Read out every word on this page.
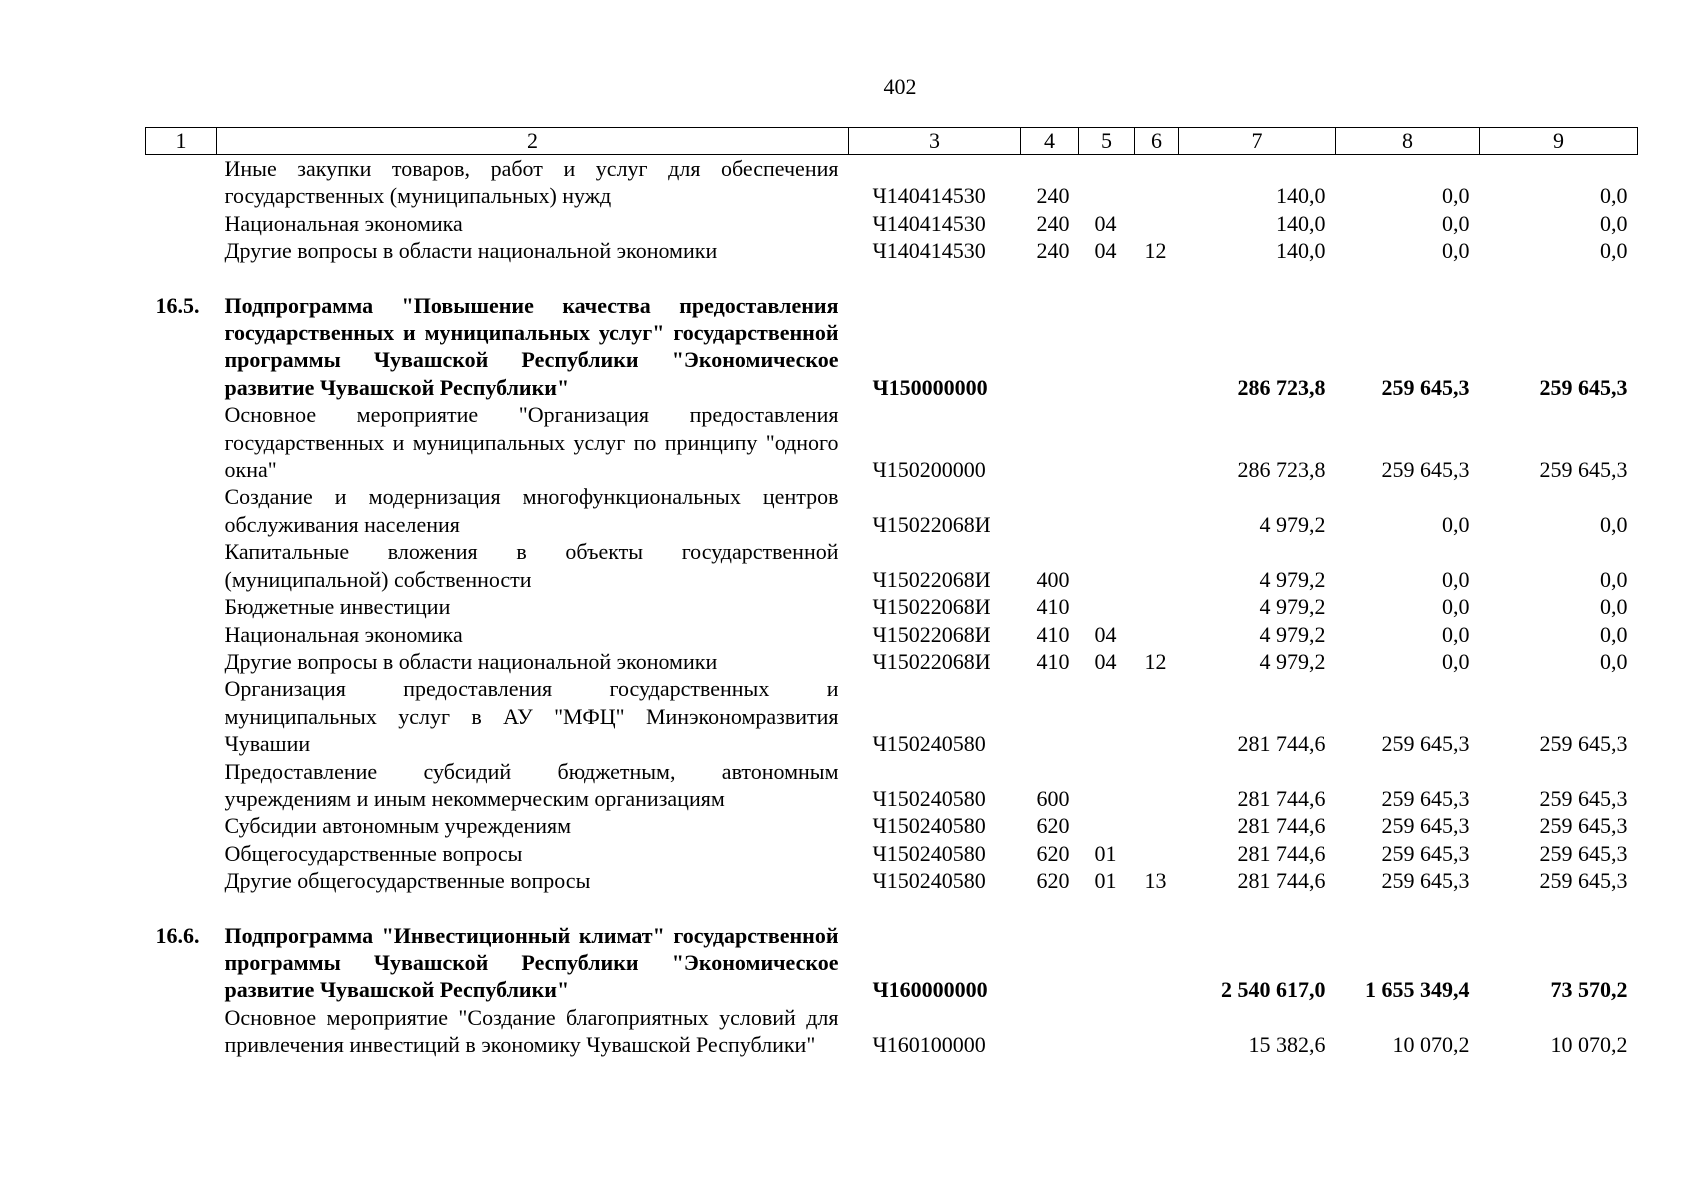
402
1	2	3	4	5	6	7	8	9
	Иные закупки товаров, работ и услуг для обеспечения государственных (муниципальных) нужд	Ч140414530	240			140,0	0,0	0,0
	Национальная экономика	Ч140414530	240	04		140,0	0,0	0,0
	Другие вопросы в области национальной экономики	Ч140414530	240	04	12	140,0	0,0	0,0

16.5.	Подпрограмма "Повышение качества предоставления государственных и муниципальных услуг" государственной программы Чувашской Республики "Экономическое развитие Чувашской Республики"	Ч150000000				286 723,8	259 645,3	259 645,3
	Основное мероприятие "Организация предоставления государственных и муниципальных услуг по принципу "одного окна"	Ч150200000				286 723,8	259 645,3	259 645,3
	Создание и модернизация многофункциональных центров обслуживания населения	Ч15022068И				4 979,2	0,0	0,0
	Капитальные вложения в объекты государственной (муниципальной) собственности	Ч15022068И	400			4 979,2	0,0	0,0
	Бюджетные инвестиции	Ч15022068И	410			4 979,2	0,0	0,0
	Национальная экономика	Ч15022068И	410	04		4 979,2	0,0	0,0
	Другие вопросы в области национальной экономики	Ч15022068И	410	04	12	4 979,2	0,0	0,0
	Организация предоставления государственных и муниципальных услуг в АУ "МФЦ" Минэкономразвития Чувашии	Ч150240580				281 744,6	259 645,3	259 645,3
	Предоставление субсидий бюджетным, автономным учреждениям и иным некоммерческим организациям	Ч150240580	600			281 744,6	259 645,3	259 645,3
	Субсидии автономным учреждениям	Ч150240580	620			281 744,6	259 645,3	259 645,3
	Общегосударственные вопросы	Ч150240580	620	01		281 744,6	259 645,3	259 645,3
	Другие общегосударственные вопросы	Ч150240580	620	01	13	281 744,6	259 645,3	259 645,3

16.6.	Подпрограмма "Инвестиционный климат" государственной программы Чувашской Республики "Экономическое развитие Чувашской Республики"	Ч160000000				2 540 617,0	1 655 349,4	73 570,2
	Основное мероприятие "Создание благоприятных условий для привлечения инвестиций в экономику Чувашской Республики"	Ч160100000				15 382,6	10 070,2	10 070,2
